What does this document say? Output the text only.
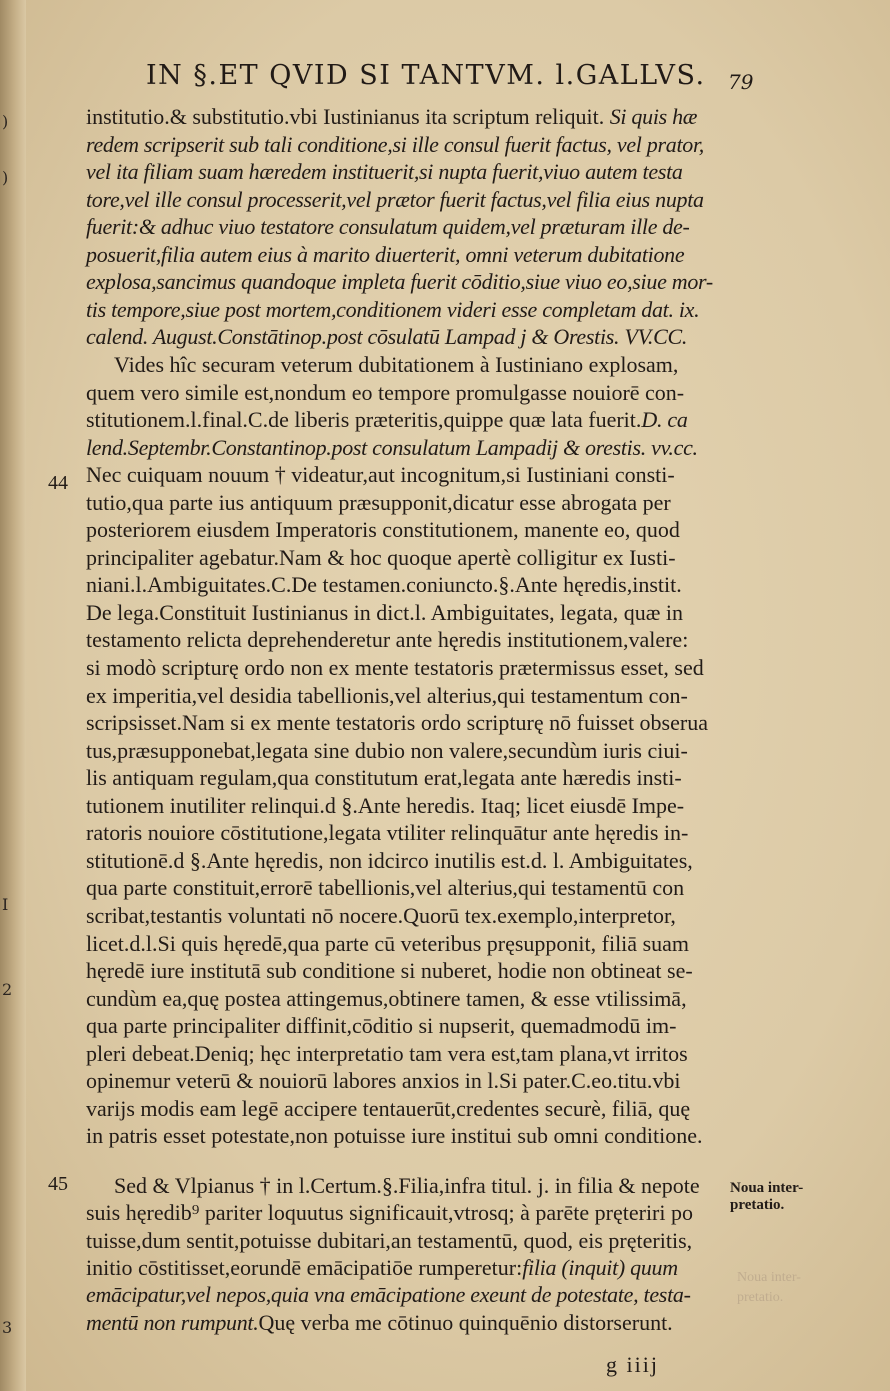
)
)
I
2
3
IN §.ET QVID SI TANTVM. l.GALLVS.	79
institutio.& substitutio.vbi Iustinianus ita scriptum reliquit. Si quis hæ
redem scripserit sub tali conditione,si ille consul fuerit factus, vel prator,
vel ita filiam suam hæredem instituerit,si nupta fuerit,viuo autem testa
tore,vel ille consul processerit,vel prætor fuerit factus,vel filia eius nupta
fuerit:& adhuc viuo testatore consulatum quidem,vel præturam ille de-
posuerit,filia autem eius à marito diuerterit, omni veterum dubitatione
explosa,sancimus quandoque impleta fuerit cōditio,siue viuo eo,siue mor-
tis tempore,siue post mortem,conditionem videri esse completam dat. ix.
calend. August.Constātinop.post cōsulatū Lampad j & Orestis. VV.CC.
Vides hîc securam veterum dubitationem à Iustiniano explosam,
quem vero simile est,nondum eo tempore promulgasse nouiorē con-
stitutionem.l.final.C.de liberis præteritis,quippe quæ lata fuerit.D. ca
lend.Septembr.Constantinop.post consulatum Lampadij & orestis. vv.cc.
Nec cuiquam nouum † videatur,aut incognitum,si Iustiniani consti-
tutio,qua parte ius antiquum præsupponit,dicatur esse abrogata per
posteriorem eiusdem Imperatoris constitutionem, manente eo, quod
principaliter agebatur.Nam & hoc quoque apertè colligitur ex Iusti-
niani.l.Ambiguitates.C.De testamen.coniuncto.§.Ante hęredis,instit.
De lega.Constituit Iustinianus in dict.l. Ambiguitates, legata, quæ in
testamento relicta deprehenderetur ante hęredis institutionem,valere:
si modò scripturę ordo non ex mente testatoris prætermissus esset, sed
ex imperitia,vel desidia tabellionis,vel alterius,qui testamentum con-
scripsisset.Nam si ex mente testatoris ordo scripturę nō fuisset obserua
tus,præsupponebat,legata sine dubio non valere,secundùm iuris ciui-
lis antiquam regulam,qua constitutum erat,legata ante hæredis insti-
tutionem inutiliter relinqui.d §.Ante heredis. Itaq; licet eiusdē Impe-
ratoris nouiore cōstitutione,legata vtiliter relinquātur ante hęredis in-
stitutionē.d §.Ante hęredis, non idcirco inutilis est.d. l. Ambiguitates,
qua parte constituit,errorē tabellionis,vel alterius,qui testamentū con
scribat,testantis voluntati nō nocere.Quorū tex.exemplo,interpretor,
licet.d.l.Si quis hęredē,qua parte cū veteribus pręsupponit, filiā suam
hęredē iure institutā sub conditione si nuberet, hodie non obtineat se-
cundùm ea,quę postea attingemus,obtinere tamen, & esse vtilissimā,
qua parte principaliter diffinit,cōditio si nupserit, quemadmodū im-
pleri debeat.Deniq; hęc interpretatio tam vera est,tam plana,vt irritos
opinemur veterū & nouiorū labores anxios in l.Si pater.C.eo.titu.vbi
varijs modis eam legē accipere tentauerūt,credentes securè, filiā, quę
in patris esset potestate,non potuisse iure institui sub omni conditione.
Sed & Vlpianus † in l.Certum.§.Filia,infra titul. j. in filia & nepote
suis hęredib⁹ pariter loquutus significauit,vtrosq; à parēte pręteriri po
tuisse,dum sentit,potuisse dubitari,an testamentū, quod, eis pręteritis,
initio cōstitisset,eorundē emācipatiōe rumperetur:filia (inquit) quum
emācipatur,vel nepos,quia vna emācipatione exeunt de potestate, testa-
mentū non rumpunt.Quę verba me cōtinuo quinquēnio distorserunt.
44
45	Noua inter-
pretatio.
Noua inter-
pretatio.
g iiij
